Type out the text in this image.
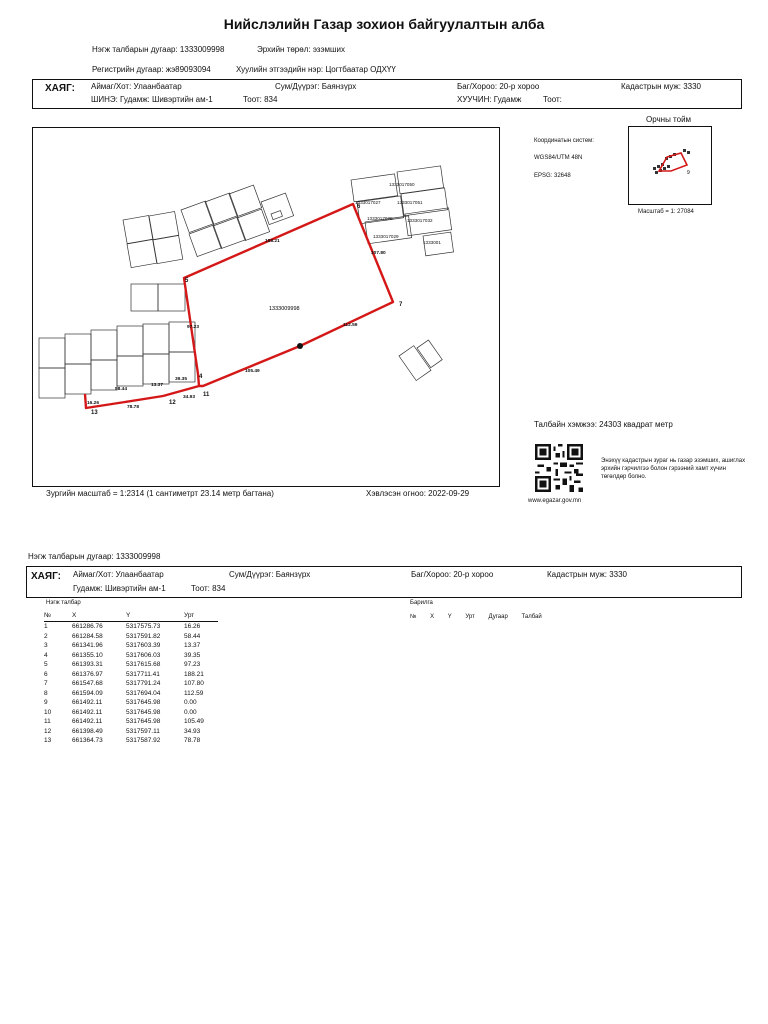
Нийслэлийн Газар зохион байгуулалтын алба
Нэгж талбарын дугаар: 1333009998	Эрхийн төрөл: эзэмших
Регистрийн дугаар: жэ89093094	Хуулийн этгээдийн нэр: Цогтбаатар ОДХҮҮ
ХАЯГ: Аймаг/Хот: Улаанбаатар	Сум/Дүүрэг: Баянзүрх	Баг/Хороо: 20-р хороо	Кадастрын муж: 3330
ШИНЭ: Гудамж: Шивэртийн ам-1	Тоот: 834	ХУУЧИН: Гудамж	Тоот:
1333009998
1333017050
1333017027	1333017051
1333017028	1333017032
1333017029
1333001
13
4
5
6
7
11
12
16.26
58.44
13.37
39.35
97.23
188.21
107.80
112.59
105.49
34.93
78.78
Зургийн масштаб = 1:2314 (1 сантиметрт 23.14 метр багтана)	Хэвлэсэн огноо: 2022-09-29
Орчны тойм
9
Масштаб = 1: 27084
Координатын систем:
WGS84/UTM 48N
EPSG: 32648
Талбайн хэмжээ: 24303 квадрат метр
Энэхүү кадастрын зураг нь газар эзэмших, ашиглах эрхийн гэрчилгээ болон гэрээний хамт хүчин төгөлдөр болно.
www.egazar.gov.mn
Нэгж талбарын дугаар: 1333009998
ХАЯГ: Аймаг/Хот: Улаанбаатар	Сум/Дүүрэг: Баянзүрх	Баг/Хороо: 20-р хороо	Кадастрын муж: 3330
Гудамж: Шивэртийн ам-1	Тоот: 834
Нэгж талбар
№	X	Y	Урт
1	661286.76	5317575.73	16.26
2	661284.58	5317591.82	58.44
3	661341.96	5317603.39	13.37
4	661355.10	5317606.03	39.35
5	661393.31	5317615.68	97.23
6	661376.97	5317711.41	188.21
7	661547.68	5317791.24	107.80
8	661594.09	5317694.04	112.59
9	661492.11	5317645.98	0.00
10	661492.11	5317645.98	0.00
11	661492.11	5317645.98	105.49
12	661398.49	5317597.11	34.93
13	661364.73	5317587.92	78.78
Барилга
№ X Y Урт Дугаар Талбай
